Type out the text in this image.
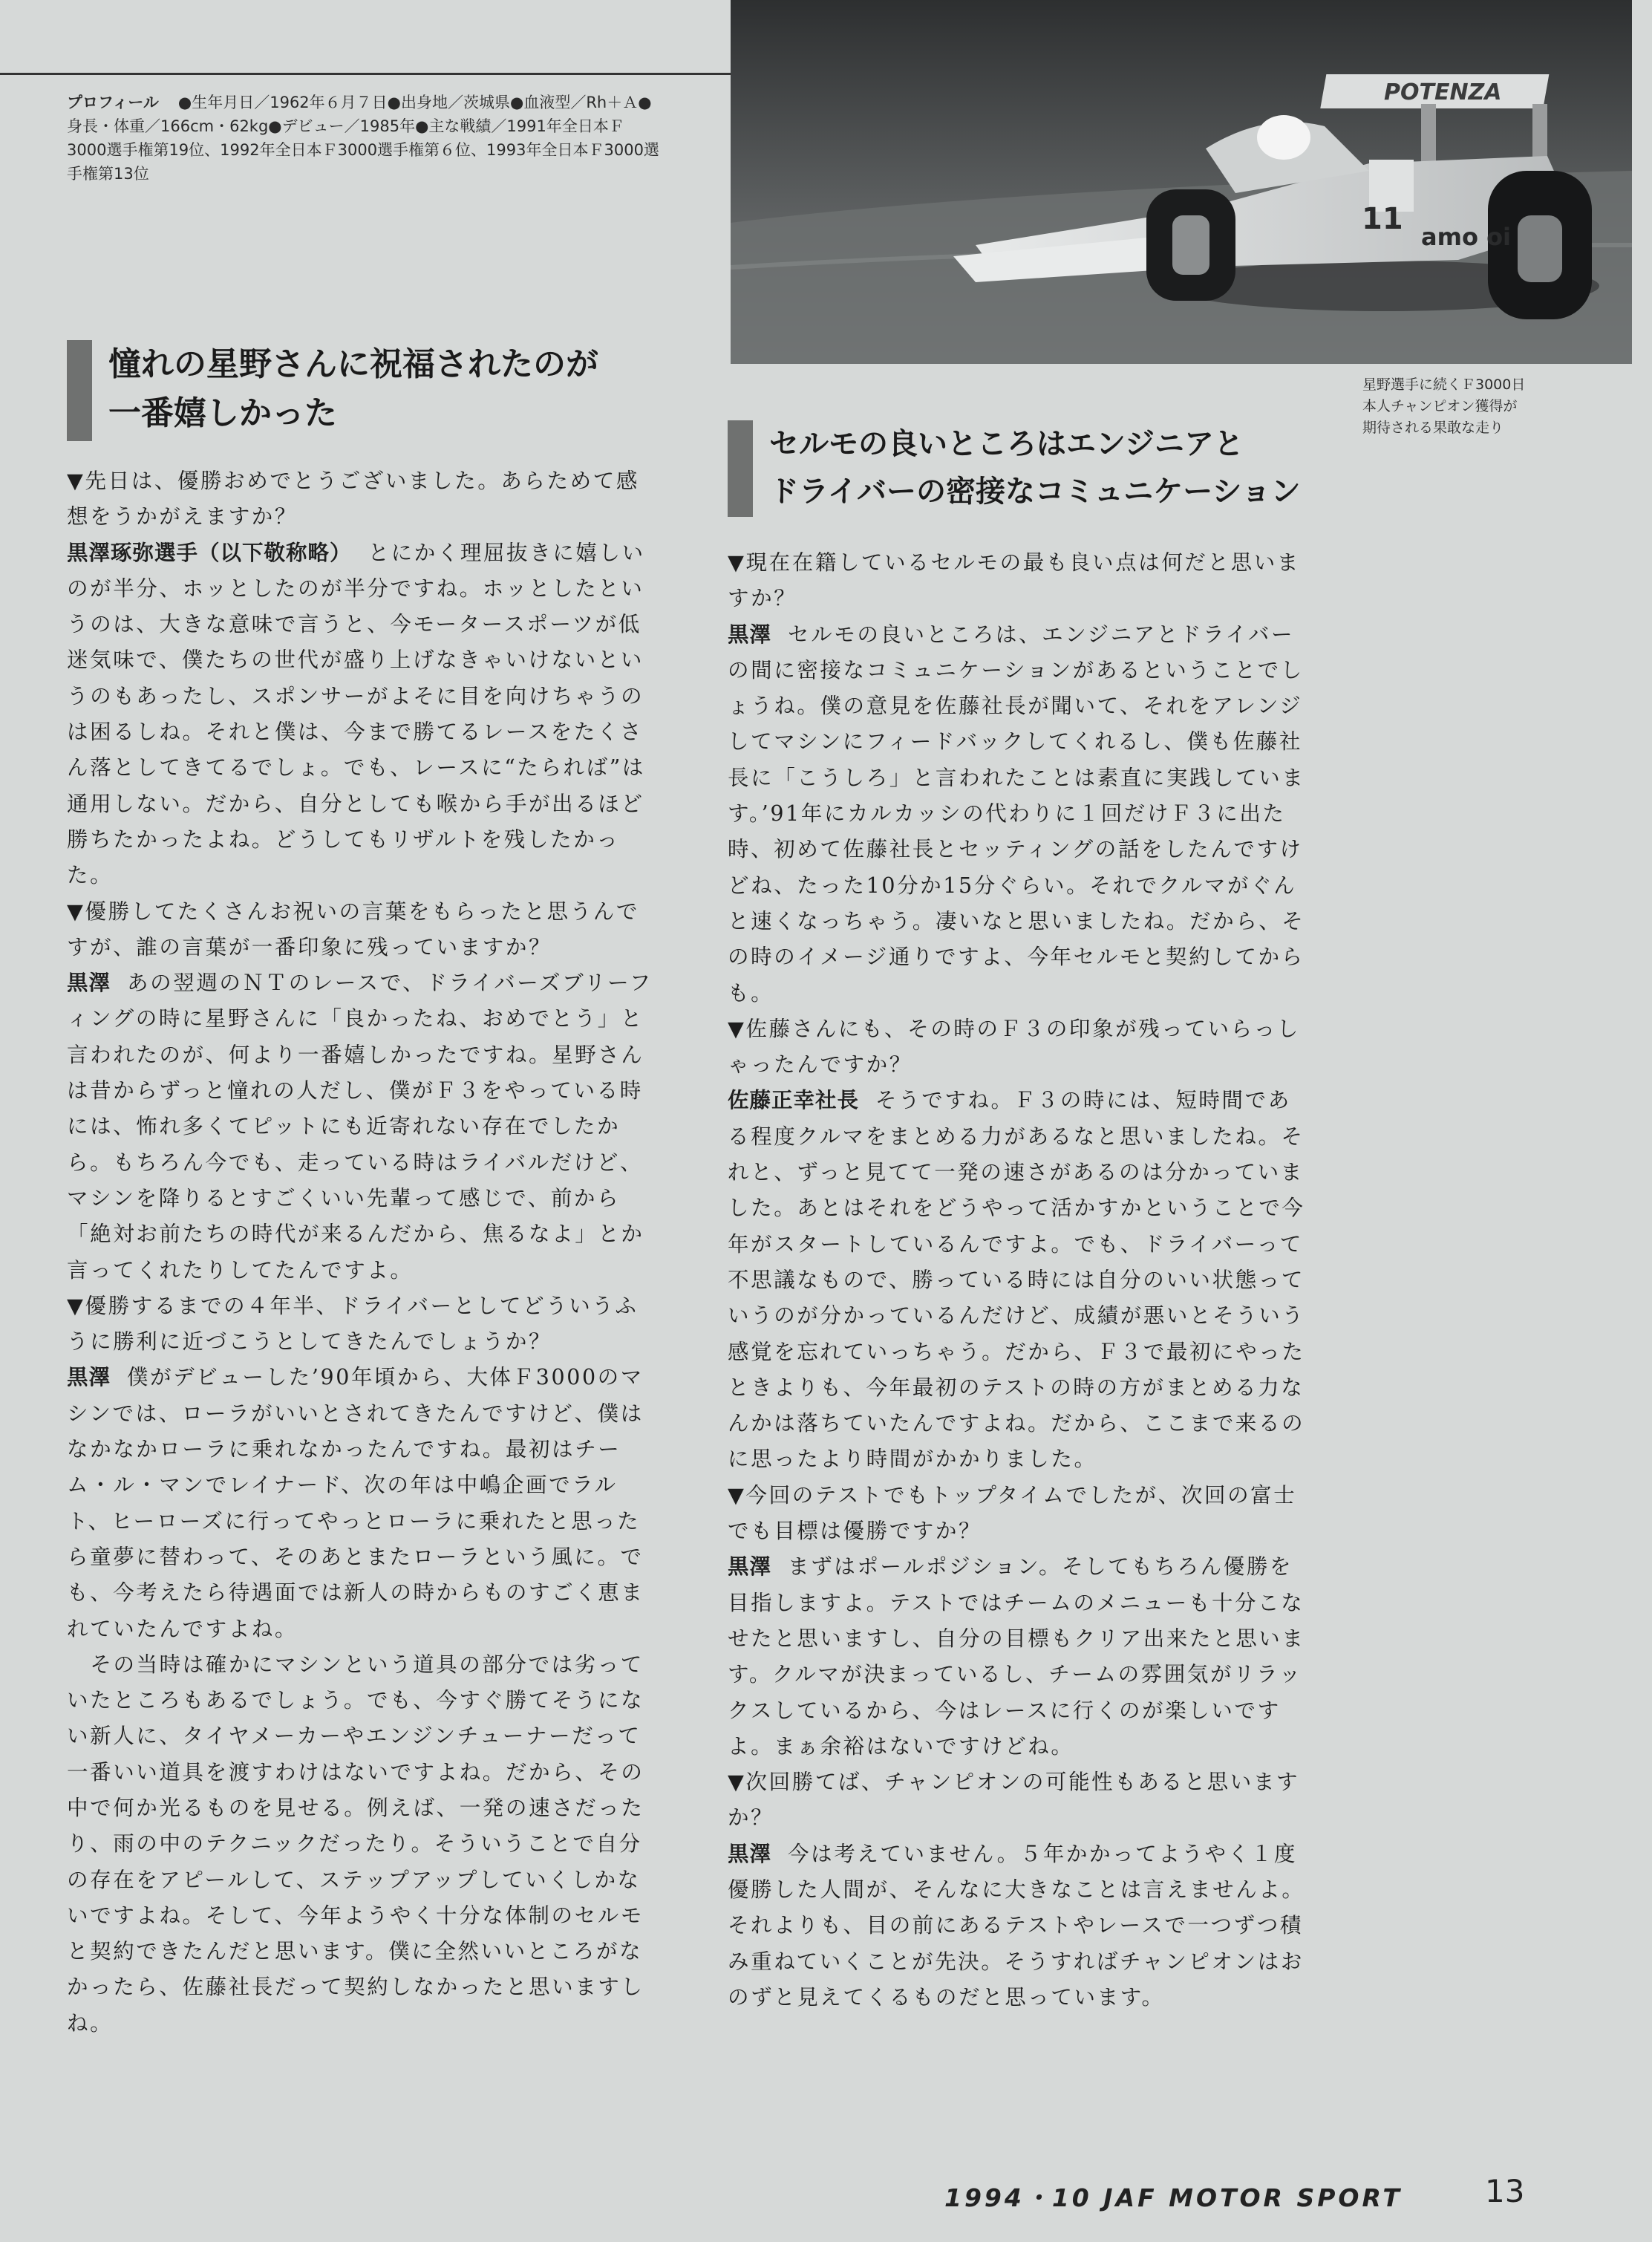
プロフィール ●生年月日／1962年６月７日●出身地／茨城県●血液型／Rh＋Ａ●身長・体重／166cm・62kg●デビュー／1985年●主な戦績／1991年全日本Ｆ3000選手権第19位、1992年全日本Ｆ3000選手権第６位、1993年全日本Ｆ3000選手権第13位

POTENZA
11
amo oi

星野選手に続くＦ3000日本人チャンピオン獲得が期待される果敢な走り

憧れの星野さんに祝福されたのが
一番嬉しかった
セルモの良いところはエンジニアと
ドライバーの密接なコミュニケーション

▼ 先日は、優勝おめでとうございました。あらためて感想をうかがえますか？

黒澤琢弥選手（以下敬称略） とにかく理屈抜きに嬉しいのが半分、ホッとしたのが半分ですね。ホッとしたというのは、大きな意味で言うと、今モータースポーツが低迷気味で、僕たちの世代が盛り上げなきゃいけないというのもあったし、スポンサーがよそに目を向けちゃうのは困るしね。それと僕は、今まで勝てるレースをたくさん落としてきてるでしょ。でも、レースに“たられば”は通用しない。だから、自分としても喉から手が出るほど勝ちたかったよね。どうしてもリザルトを残したかった。

▼ 優勝してたくさんお祝いの言葉をもらったと思うんですが、誰の言葉が一番印象に残っていますか？

黒澤 あの翌週のＮＴのレースで、ドライバーズブリーフィングの時に星野さんに「良かったね、おめでとう」と言われたのが、何より一番嬉しかったですね。星野さんは昔からずっと憧れの人だし、僕がＦ３をやっている時には、怖れ多くてピットにも近寄れない存在でしたから。もちろん今でも、走っている時はライバルだけど、マシンを降りるとすごくいい先輩って感じで、前から「絶対お前たちの時代が来るんだから、焦るなよ」とか言ってくれたりしてたんですよ。

▼ 優勝するまでの４年半、ドライバーとしてどういうふうに勝利に近づこうとしてきたんでしょうか？

黒澤 僕がデビューした’90年頃から、大体Ｆ3000のマシンでは、ローラがいいとされてきたんですけど、僕はなかなかローラに乗れなかったんですね。最初はチーム・ル・マンでレイナード、次の年は中嶋企画でラルト、ヒーローズに行ってやっとローラに乗れたと思ったら童夢に替わって、そのあとまたローラという風に。でも、今考えたら待遇面では新人の時からものすごく恵まれていたんですよね。

その当時は確かにマシンという道具の部分では劣っていたところもあるでしょう。でも、今すぐ勝てそうにない新人に、タイヤメーカーやエンジンチューナーだって一番いい道具を渡すわけはないですよね。だから、その中で何か光るものを見せる。例えば、一発の速さだったり、雨の中のテクニックだったり。そういうことで自分の存在をアピールして、ステップアップしていくしかないですよね。そして、今年ようやく十分な体制のセルモと契約できたんだと思います。僕に全然いいところがなかったら、佐藤社長だって契約しなかったと思いますしね。

▼ 現在在籍しているセルモの最も良い点は何だと思いますか？

黒澤 セルモの良いところは、エンジニアとドライバーの間に密接なコミュニケーションがあるということでしょうね。僕の意見を佐藤社長が聞いて、それをアレンジしてマシンにフィードバックしてくれるし、僕も佐藤社長に「こうしろ」と言われたことは素直に実践しています。’91年にカルカッシの代わりに１回だけＦ３に出た時、初めて佐藤社長とセッティングの話をしたんですけどね、たった10分か15分ぐらい。それでクルマがぐんと速くなっちゃう。凄いなと思いましたね。だから、その時のイメージ通りですよ、今年セルモと契約してからも。

▼ 佐藤さんにも、その時のＦ３の印象が残っていらっしゃったんですか？

佐藤正幸社長 そうですね。Ｆ３の時には、短時間である程度クルマをまとめる力があるなと思いましたね。それと、ずっと見てて一発の速さがあるのは分かっていました。あとはそれをどうやって活かすかということで今年がスタートしているんですよ。でも、ドライバーって不思議なもので、勝っている時には自分のいい状態っていうのが分かっているんだけど、成績が悪いとそういう感覚を忘れていっちゃう。だから、Ｆ３で最初にやったときよりも、今年最初のテストの時の方がまとめる力なんかは落ちていたんですよね。だから、ここまで来るのに思ったより時間がかかりました。

▼ 今回のテストでもトップタイムでしたが、次回の富士でも目標は優勝ですか？

黒澤 まずはポールポジション。そしてもちろん優勝を目指しますよ。テストではチームのメニューも十分こなせたと思いますし、自分の目標もクリア出来たと思います。クルマが決まっているし、チームの雰囲気がリラックスしているから、今はレースに行くのが楽しいですよ。まぁ余裕はないですけどね。

▼ 次回勝てば、チャンピオンの可能性もあると思いますか？

黒澤 今は考えていません。５年かかってようやく１度優勝した人間が、そんなに大きなことは言えませんよ。それよりも、目の前にあるテストやレースで一つずつ積み重ねていくことが先決。そうすればチャンピオンはおのずと見えてくるものだと思っています。

1994・10 JAF MOTOR SPORT	13
